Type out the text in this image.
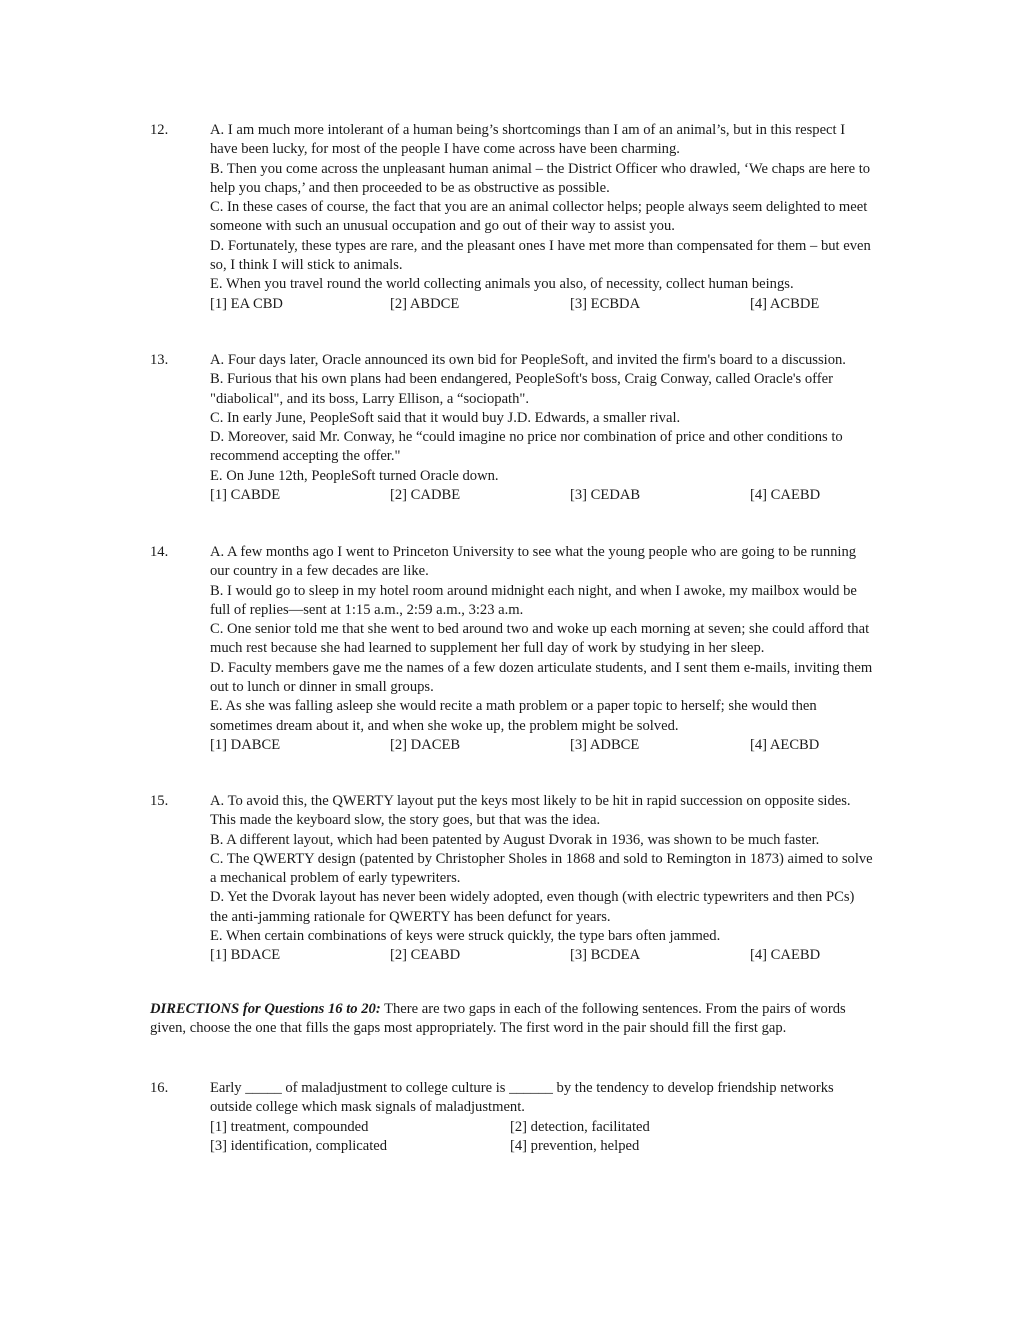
12.	A. I am much more intolerant of a human being’s shortcomings than I am of an animal’s, but in this respect I have been lucky, for most of the people I have come across have been charming.

B. Then you come across the unpleasant human animal – the District Officer who drawled, ‘We chaps are here to help you chaps,’ and then proceeded to be as obstructive as possible.

C. In these cases of course, the fact that you are an animal collector helps; people always seem delighted to meet someone with such an unusual occupation and go out of their way to assist you.

D. Fortunately, these types are rare, and the pleasant ones I have met more than compensated for them – but even so, I think I will stick to animals.

E. When you travel round the world collecting animals you also, of necessity, collect human beings.

[1] EA CBD	[2] ABDCE	[3] ECBDA	[4] ACBDE
13.	A. Four days later, Oracle announced its own bid for PeopleSoft, and invited the firm's board to a discussion.

B. Furious that his own plans had been endangered, PeopleSoft's boss, Craig Conway, called Oracle's offer "diabolical", and its boss, Larry Ellison, a “sociopath".

C. In early June, PeopleSoft said that it would buy J.D. Edwards, a smaller rival.

D. Moreover, said Mr. Conway, he “could imagine no price nor combination of price and other conditions to recommend accepting the offer."

E. On June 12th, PeopleSoft turned Oracle down.

[1] CABDE	[2] CADBE	[3] CEDAB	[4] CAEBD
14.	A. A few months ago I went to Princeton University to see what the young people who are going to be running our country in a few decades are like.

B. I would go to sleep in my hotel room around midnight each night, and when I awoke, my mailbox would be full of replies—sent at 1:15 a.m., 2:59 a.m., 3:23 a.m.

C. One senior told me that she went to bed around two and woke up each morning at seven; she could afford that much rest because she had learned to supplement her full day of work by studying in her sleep.

D. Faculty members gave me the names of a few dozen articulate students, and I sent them e-mails, inviting them out to lunch or dinner in small groups.

E. As she was falling asleep she would recite a math problem or a paper topic to herself; she would then sometimes dream about it, and when she woke up, the problem might be solved.

[1] DABCE	[2] DACEB	[3] ADBCE	[4] AECBD
15.	A. To avoid this, the QWERTY layout put the keys most likely to be hit in rapid succession on opposite sides. This made the keyboard slow, the story goes, but that was the idea.

B. A different layout, which had been patented by August Dvorak in 1936, was shown to be much faster.

C. The QWERTY design (patented by Christopher Sholes in 1868 and sold to Remington in 1873) aimed to solve a mechanical problem of early typewriters.

D. Yet the Dvorak layout has never been widely adopted, even though (with electric typewriters and then PCs) the anti-jamming rationale for QWERTY has been defunct for years.

E. When certain combinations of keys were struck quickly, the type bars often jammed.

[1] BDACE	[2] CEABD	[3] BCDEA	[4] CAEBD
DIRECTIONS for Questions 16 to 20: There are two gaps in each of the following sentences. From the pairs of words given, choose the one that fills the gaps most appropriately. The first word in the pair should fill the first gap.
16.	Early _____ of maladjustment to college culture is ______ by the tendency to develop friendship networks outside college which mask signals of maladjustment.

[1] treatment, compounded	[2] detection, facilitated
[3] identification, complicated	[4] prevention, helped
